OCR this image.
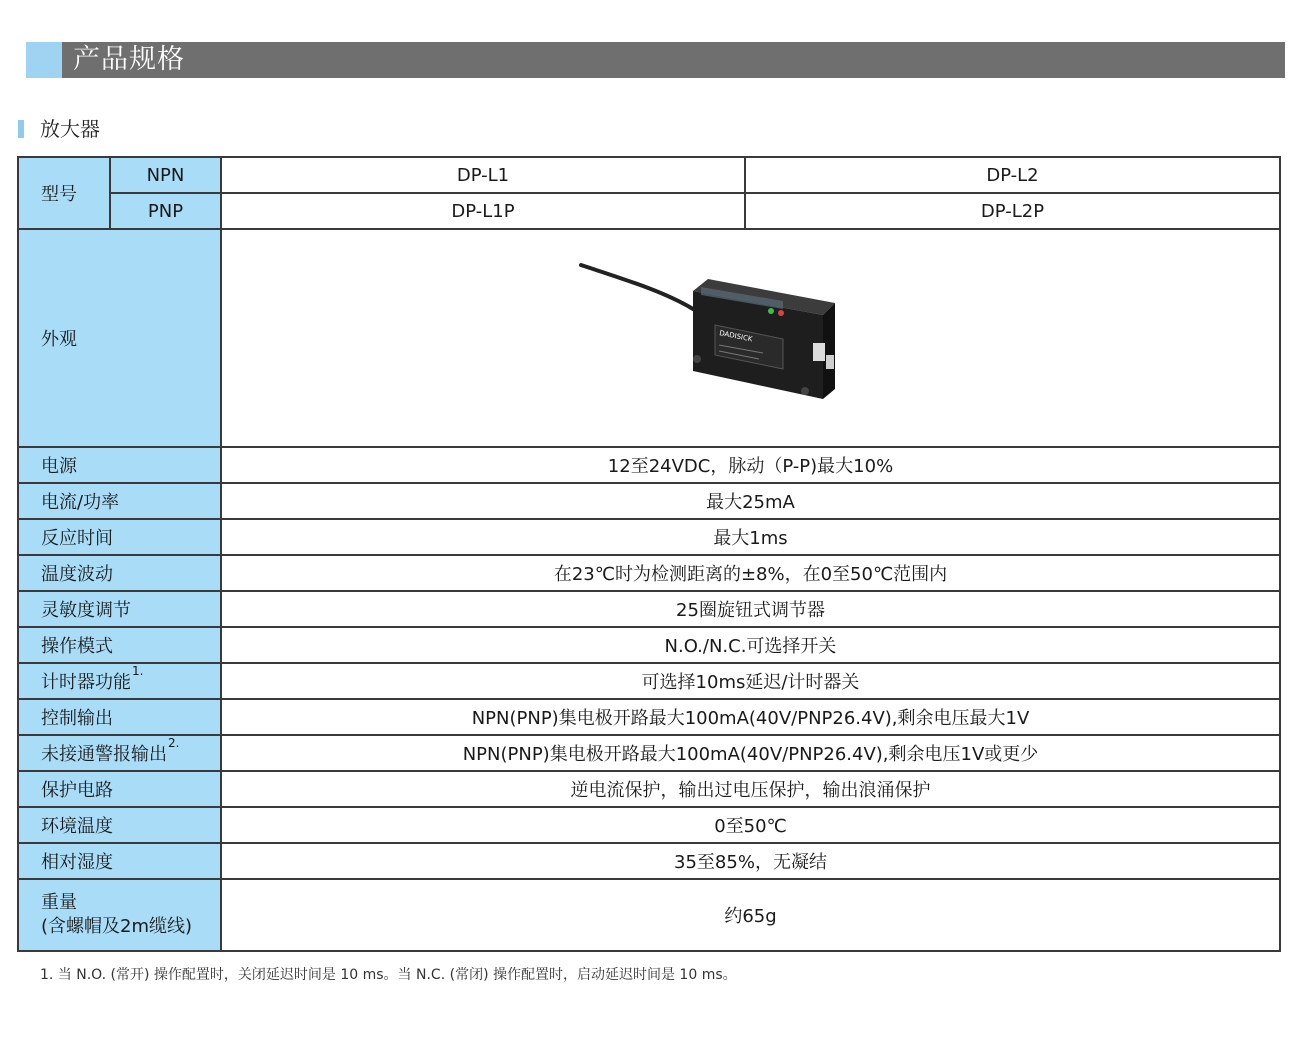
产品规格
放大器
型号	NPN	DP-L1	DP-L2
	PNP	DP-L1P	DP-L2P
外观		DADISICK	

电源		12至24VDC，脉动（P-P)最大10%	
电流/功率		最大25mA	
反应时间		最大1ms	
温度波动		在23℃时为检测距离的±8%，在0至50℃范围内	
灵敏度调节		25圈旋钮式调节器	
操作模式		N.O./N.C.可选择开关	
计时器功能$^{1.}$		可选择10ms延迟/计时器关	
控制输出		NPN(PNP)集电极开路最大100mA(40V/PNP26.4V),剩余电压最大1V	
未接通警报输出$^{2.}$		NPN(PNP)集电极开路最大100mA(40V/PNP26.4V),剩余电压1V或更少	
保护电路		逆电流保护，输出过电压保护，输出浪涌保护	
环境温度		0至50℃	
相对湿度		35至85%，无凝结	
重量
(含螺帽及2m缆线)		约65g	
1. 当 N.O. (常开) 操作配置时，关闭延迟时间是 10 ms。当 N.C. (常闭) 操作配置时，启动延迟时间是 10 ms。
